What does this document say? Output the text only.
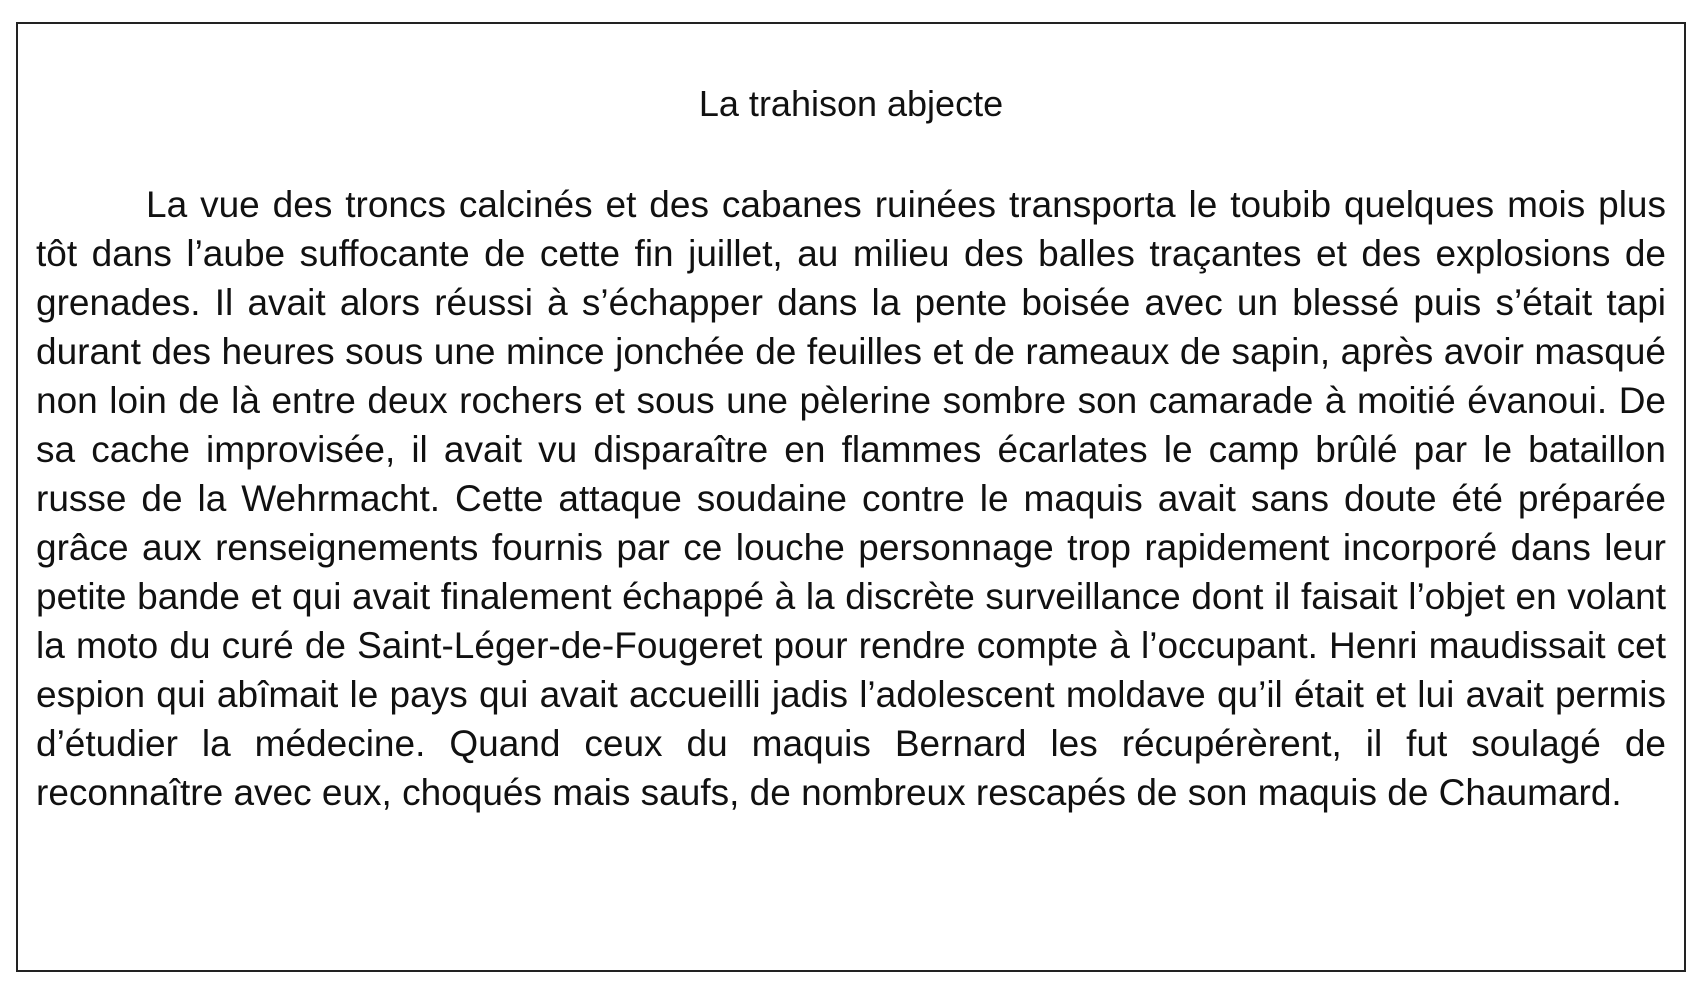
La trahison abjecte

La vue des troncs calcinés et des cabanes ruinées transporta le toubib quelques mois plus tôt dans l’aube suffocante de cette fin juillet, au milieu des balles traçantes et des explosions de grenades. Il avait alors réussi à s’échapper dans la pente boisée avec un blessé puis s’était tapi durant des heures sous une mince jonchée de feuilles et de rameaux de sapin, après avoir masqué non loin de là entre deux rochers et sous une pèlerine sombre son camarade à moitié évanoui. De sa cache improvisée, il avait vu disparaître en flammes écarlates le camp brûlé par le bataillon russe de la Wehrmacht. Cette attaque soudaine contre le maquis avait sans doute été préparée grâce aux renseignements fournis par ce louche personnage trop rapidement incorporé dans leur petite bande et qui avait finalement échappé à la discrète surveillance dont il faisait l’objet en volant la moto du curé de Saint-Léger-de-Fougeret pour rendre compte à l’occupant. Henri maudissait cet espion qui abîmait le pays qui avait accueilli jadis l’adolescent moldave qu’il était et lui avait permis d’étudier la médecine. Quand ceux du maquis Bernard les récupérèrent, il fut soulagé de reconnaître avec eux, choqués mais saufs, de nombreux rescapés de son maquis de Chaumard.
